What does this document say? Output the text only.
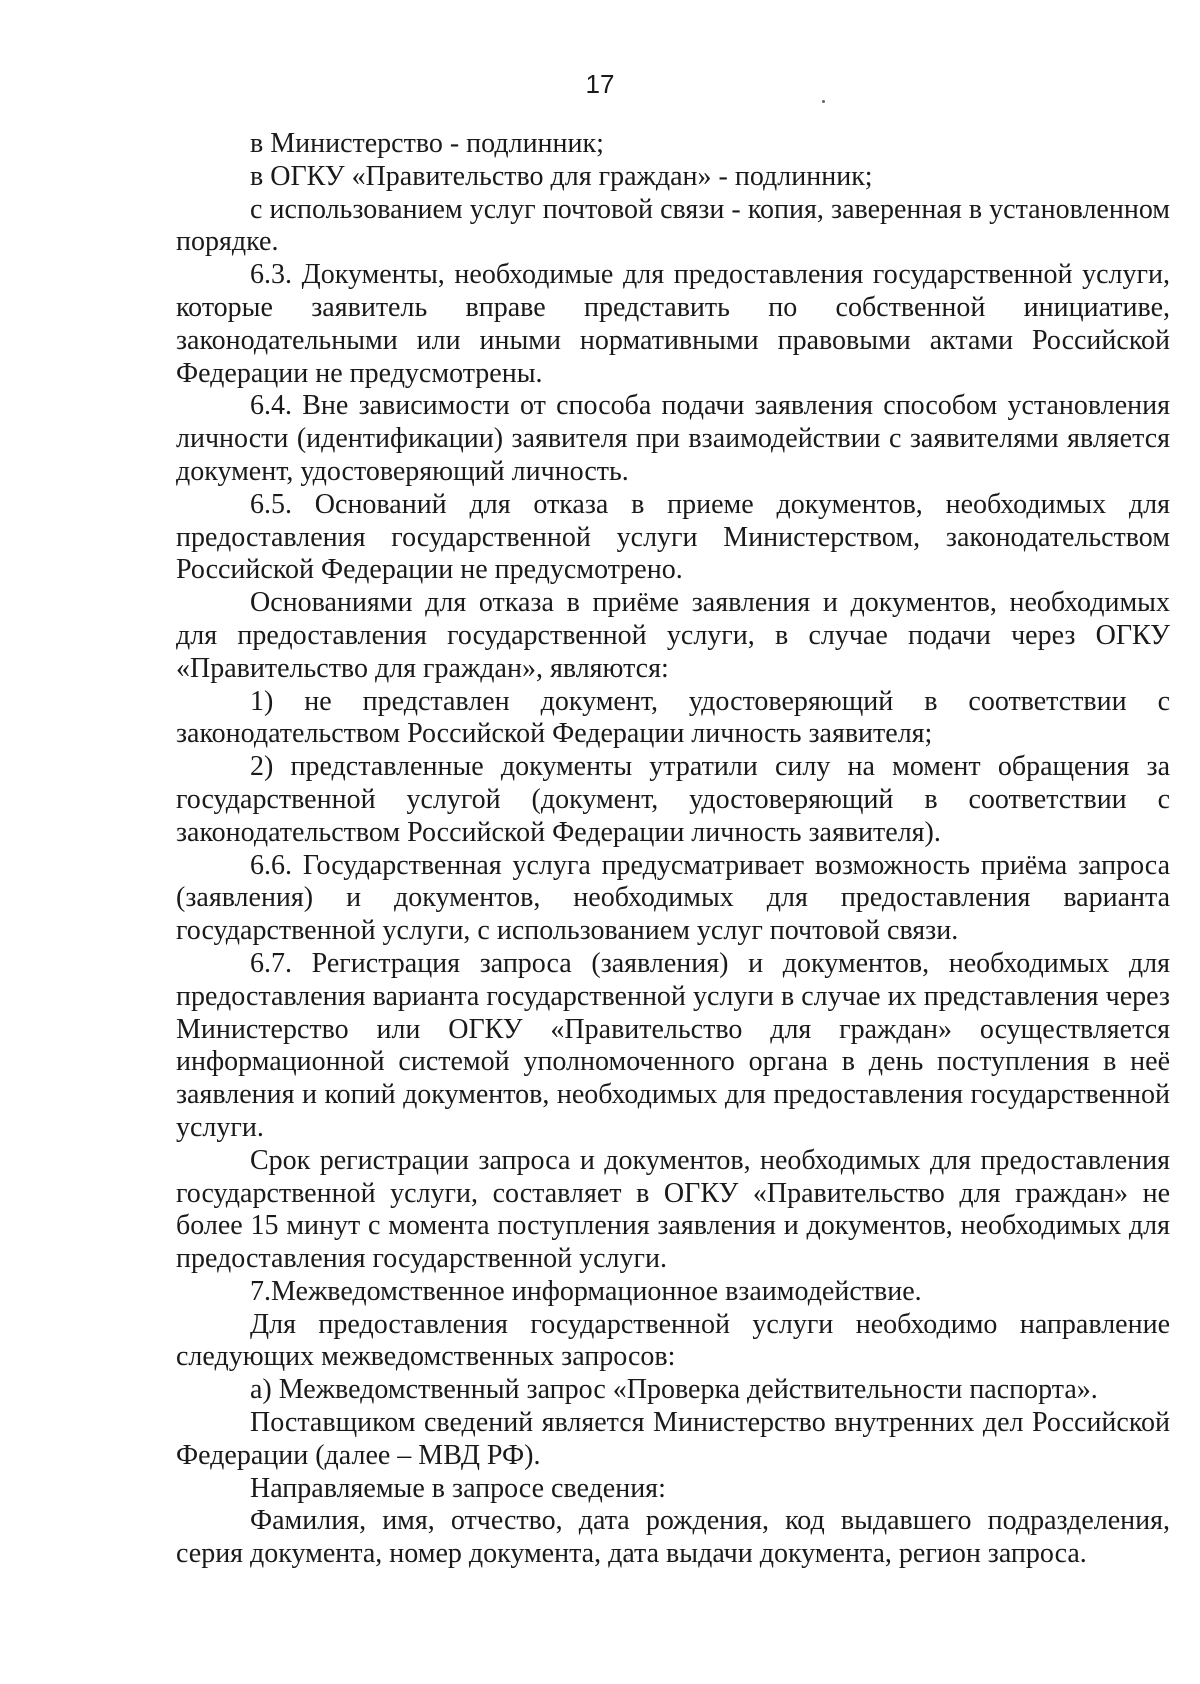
17

в Министерство - подлинник;

в ОГКУ «Правительство для граждан» - подлинник;

с использованием услуг почтовой связи - копия, заверенная в установленном порядке.

6.3. Документы, необходимые для предоставления государственной услуги, которые заявитель вправе представить по собственной инициативе, законодательными или иными нормативными правовыми актами Российской Федерации не предусмотрены.

6.4. Вне зависимости от способа подачи заявления способом установления личности (идентификации) заявителя при взаимодействии с заявителями является документ, удостоверяющий личность.

6.5. Оснований для отказа в приеме документов, необходимых для предоставления государственной услуги Министерством, законодательством Российской Федерации не предусмотрено.

Основаниями для отказа в приёме заявления и документов, необходимых для предоставления государственной услуги, в случае подачи через ОГКУ «Правительство для граждан», являются:

1) не представлен документ, удостоверяющий в соответствии с законодательством Российской Федерации личность заявителя;

2) представленные документы утратили силу на момент обращения за государственной услугой (документ, удостоверяющий в соответствии с законодательством Российской Федерации личность заявителя).

6.6. Государственная услуга предусматривает возможность приёма запроса (заявления) и документов, необходимых для предоставления варианта государственной услуги, с использованием услуг почтовой связи.

6.7. Регистрация запроса (заявления) и документов, необходимых для предоставления варианта государственной услуги в случае их представления через Министерство или ОГКУ «Правительство для граждан» осуществляется информационной системой уполномоченного органа в день поступления в неё заявления и копий документов, необходимых для предоставления государственной услуги.

Срок регистрации запроса и документов, необходимых для предоставления государственной услуги, составляет в ОГКУ «Правительство для граждан» не более 15 минут с момента поступления заявления и документов, необходимых для предоставления государственной услуги.

7.Межведомственное информационное взаимодействие.

Для предоставления государственной услуги необходимо направление следующих межведомственных запросов:

а) Межведомственный запрос «Проверка действительности паспорта».

Поставщиком сведений является Министерство внутренних дел Российской Федерации (далее – МВД РФ).

Направляемые в запросе сведения:

Фамилия, имя, отчество, дата рождения, код выдавшего подразделения, серия документа, номер документа, дата выдачи документа, регион запроса.
